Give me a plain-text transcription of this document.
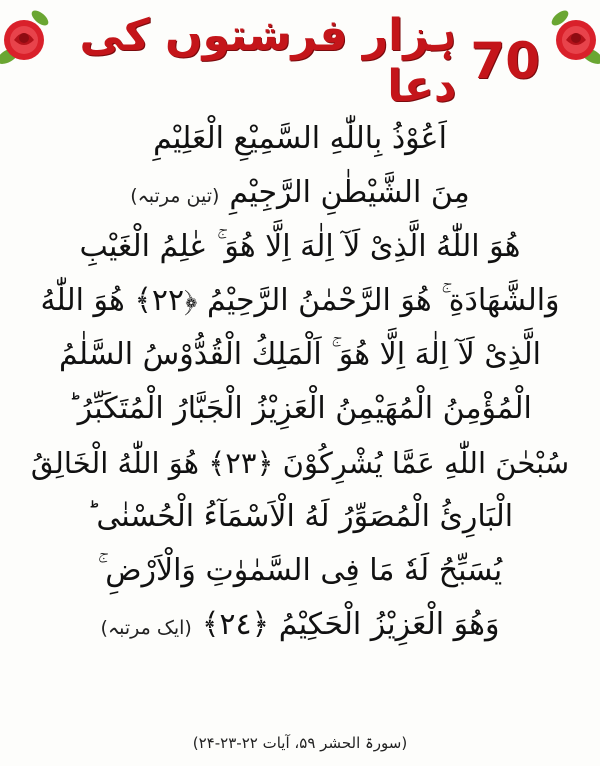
ہزار فرشتوں کی دعا 70
اَعُوْذُ بِاللّٰهِ السَّمِيْعِ الْعَلِيْمِ
مِنَ الشَّيْطٰنِ الرَّجِيْمِ(تین مرتبہ)
هُوَ اللّٰهُ الَّذِىْ لَآ اِلٰهَ اِلَّا هُوَ ۚ عٰلِمُ الْغَيْبِ
وَالشَّهَادَةِ ۚ هُوَ الرَّحْمٰنُ الرَّحِيْمُ ﴿٢٢﴾ هُوَ اللّٰهُ
الَّذِىْ لَآ اِلٰهَ اِلَّا هُوَ ۚ اَلْمَلِكُ الْقُدُّوْسُ السَّلٰمُ
الْمُؤْمِنُ الْمُهَيْمِنُ الْعَزِيْزُ الْجَبَّارُ الْمُتَكَبِّرُ ؕ
سُبْحٰنَ اللّٰهِ عَمَّا يُشْرِكُوْنَ ﴿٢٣﴾ هُوَ اللّٰهُ الْخَالِقُ
الْبَارِئُ الْمُصَوِّرُ لَهُ الْاَسْمَآءُ الْحُسْنٰى ؕ
يُسَبِّحُ لَهٗ مَا فِى السَّمٰوٰتِ وَالْاَرْضِ ۚ
وَهُوَ الْعَزِيْزُ الْحَكِيْمُ ﴿٢٤﴾(ایک مرتبہ)
(سورۃ الحشر ۵۹، آیات ۲۲-۲۳-۲۴)
